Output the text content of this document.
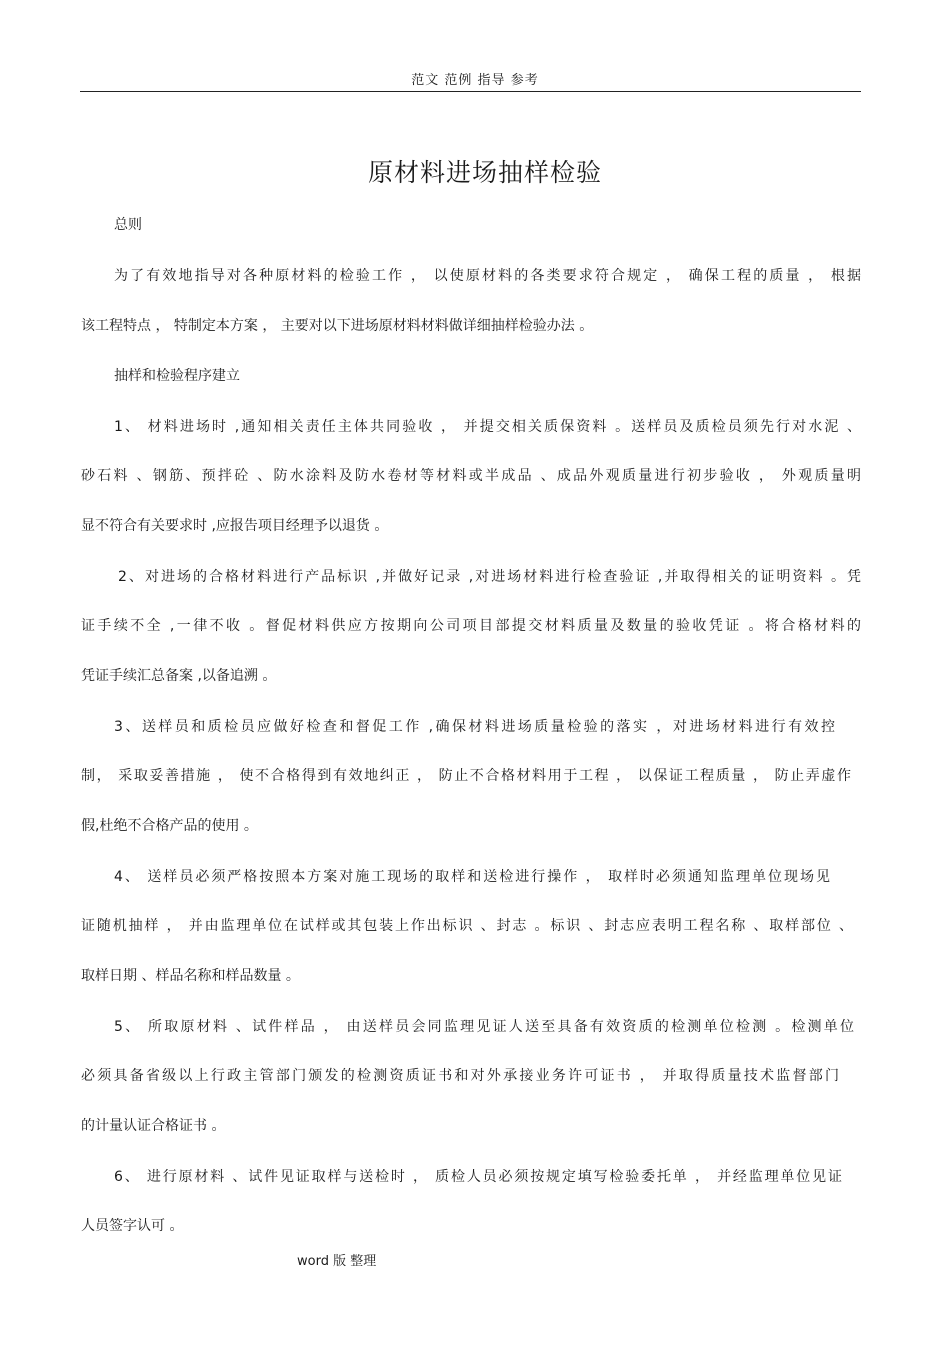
范文 范例 指导 参考
原材料进场抽样检验
总则
为了有效地指导对各种原材料的检验工作 ， 以使原材料的各类要求符合规定 ， 确保工程的质量 ， 根据
该工程特点 ， 特制定本方案 ， 主要对以下进场原材料材料做详细抽样检验办法 。
抽样和检验程序建立
1、 材料进场时 ,通知相关责任主体共同验收 ， 并提交相关质保资料 。送样员及质检员须先行对水泥 、
砂石料 、钢筋、预拌砼 、防水涂料及防水卷材等材料或半成品 、成品外观质量进行初步验收 ， 外观质量明
显不符合有关要求时 ,应报告项目经理予以退货 。
2、对进场的合格材料进行产品标识 ,并做好记录 ,对进场材料进行检查验证 ,并取得相关的证明资料 。凭
证手续不全 ,一律不收 。督促材料供应方按期向公司项目部提交材料质量及数量的验收凭证 。将合格材料的
凭证手续汇总备案 ,以备追溯 。
3、送样员和质检员应做好检查和督促工作 ,确保材料进场质量检验的落实 ，对进场材料进行有效控
制， 采取妥善措施 ， 使不合格得到有效地纠正 ， 防止不合格材料用于工程 ， 以保证工程质量 ， 防止弄虚作
假,杜绝不合格产品的使用 。
4、 送样员必须严格按照本方案对施工现场的取样和送检进行操作 ， 取样时必须通知监理单位现场见
证随机抽样 ， 并由监理单位在试样或其包装上作出标识 、封志 。标识 、封志应表明工程名称 、取样部位 、
取样日期 、样品名称和样品数量 。
5、 所取原材料 、试件样品 ， 由送样员会同监理见证人送至具备有效资质的检测单位检测 。检测单位
必须具备省级以上行政主管部门颁发的检测资质证书和对外承接业务许可证书 ， 并取得质量技术监督部门
的计量认证合格证书 。
6、 进行原材料 、试件见证取样与送检时 ， 质检人员必须按规定填写检验委托单 ， 并经监理单位见证
人员签字认可 。
word 版 整理
